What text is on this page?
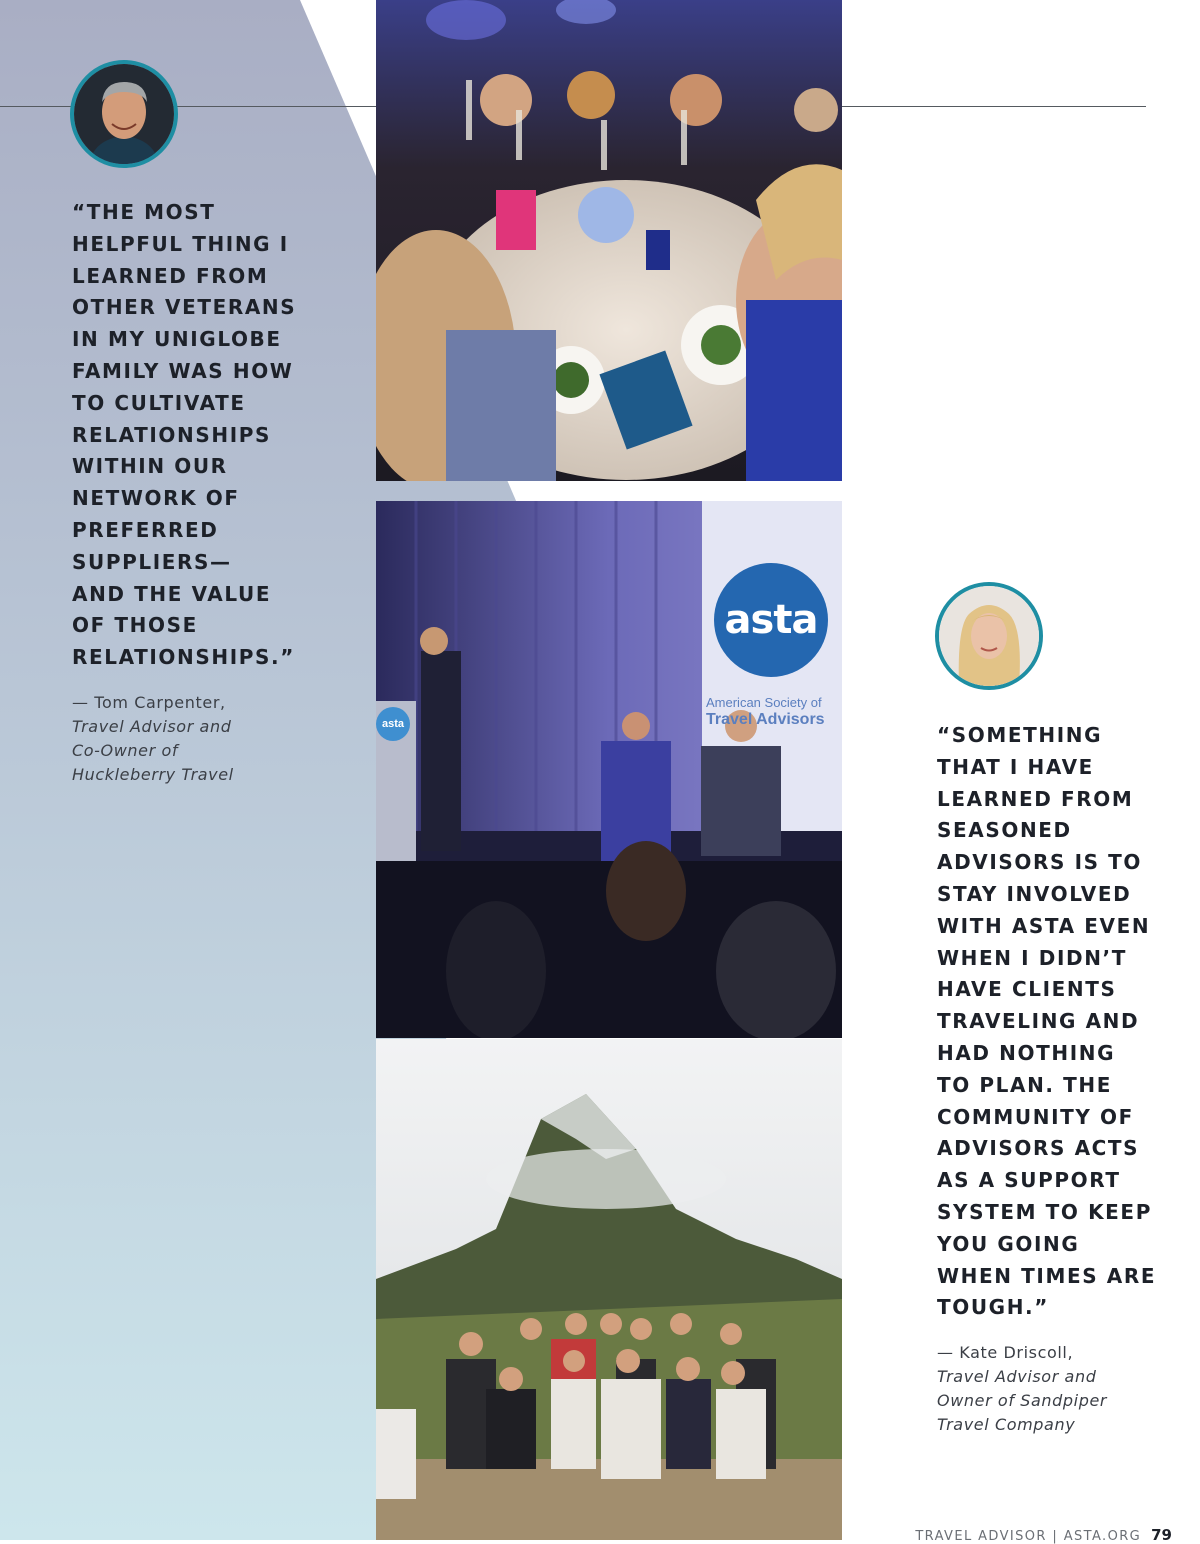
asta
American Society of
Travel Advisors
asta

“THE MOST
HELPFUL THING I
LEARNED FROM
OTHER VETERANS
IN MY UNIGLOBE
FAMILY WAS HOW
TO CULTIVATE
RELATIONSHIPS
WITHIN OUR
NETWORK OF
PREFERRED
SUPPLIERS—
AND THE VALUE
OF THOSE
RELATIONSHIPS.”

— Tom Carpenter,
Travel Advisor and
Co-Owner of
Huckleberry Travel

“SOMETHING
THAT I HAVE
LEARNED FROM
SEASONED
ADVISORS IS TO
STAY INVOLVED
WITH ASTA EVEN
WHEN I DIDN’T
HAVE CLIENTS
TRAVELING AND
HAD NOTHING
TO PLAN. THE
COMMUNITY OF
ADVISORS ACTS
AS A SUPPORT
SYSTEM TO KEEP
YOU GOING
WHEN TIMES ARE
TOUGH.”

— Kate Driscoll,
Travel Advisor and
Owner of Sandpiper
Travel Company

TRAVEL ADVISOR | ASTA.ORG 79
